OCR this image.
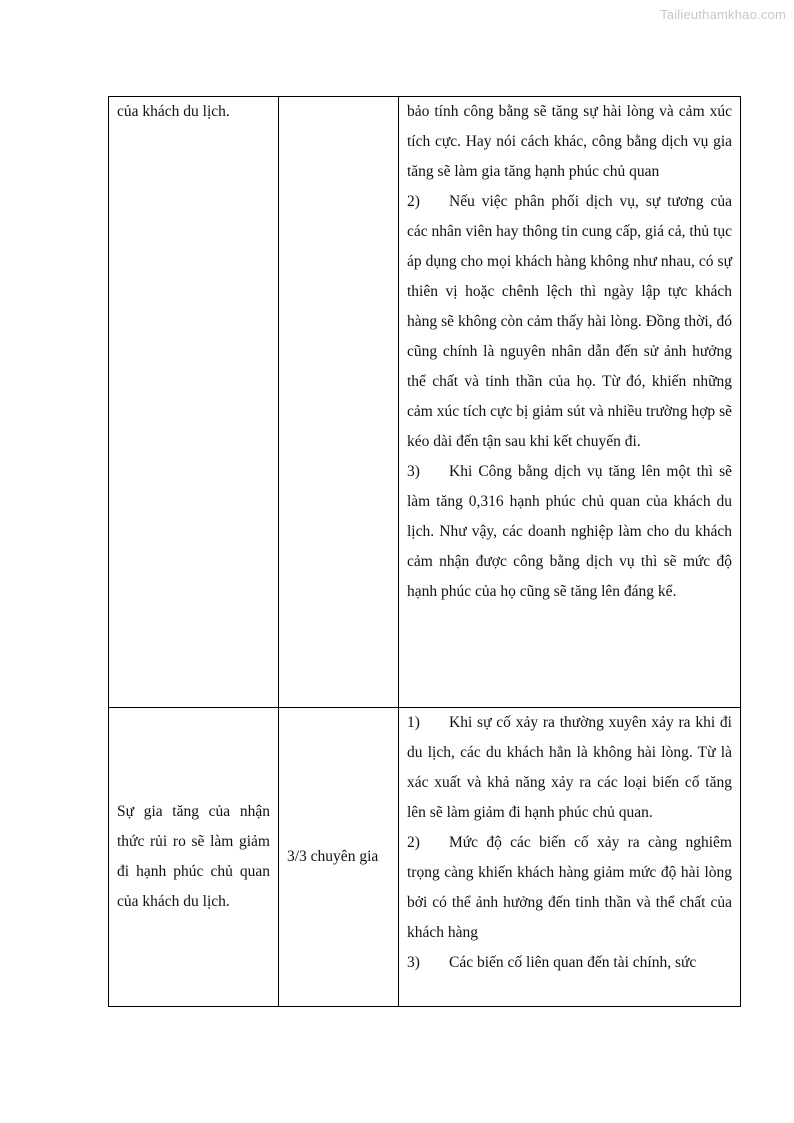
Tailieuthamkhao.com
của khách du lịch.		bảo tính công bằng sẽ tăng sự hài lòng và cảm xúc tích cực. Hay nói cách khác, công bằng dịch vụ gia tăng sẽ làm gia tăng hạnh phúc chủ quan
2) Nếu việc phân phối dịch vụ, sự tương của các nhân viên hay thông tin cung cấp, giá cả, thủ tục áp dụng cho mọi khách hàng không như nhau, có sự thiên vị hoặc chênh lệch thì ngày lập tực khách hàng sẽ không còn cảm thấy hài lòng. Đồng thời, đó cũng chính là nguyên nhân dẫn đến sử ảnh hưởng thể chất và tinh thần của họ. Từ đó, khiến những cảm xúc tích cực bị giảm sút và nhiều trường hợp sẽ kéo dài đến tận sau khi kết chuyến đi.
3) Khi Công bằng dịch vụ tăng lên một thì sẽ làm tăng 0,316 hạnh phúc chủ quan của khách du lịch. Như vậy, các doanh nghiệp làm cho du khách cảm nhận được công bằng dịch vụ thì sẽ mức độ hạnh phúc của họ cũng sẽ tăng lên đáng kể.

Sự gia tăng của nhận thức rủi ro sẽ làm giảm đi hạnh phúc chủ quan của khách du lịch.	3/3 chuyên gia	1) Khi sự cố xảy ra thường xuyên xảy ra khi đi du lịch, các du khách hẳn là không hài lòng. Từ là xác xuất và khả năng xảy ra các loại biến cố tăng lên sẽ làm giảm đi hạnh phúc chủ quan.
2) Mức độ các biến cố xảy ra càng nghiêm trọng càng khiến khách hàng giảm mức độ hài lòng bởi có thể ảnh hưởng đến tinh thần và thể chất của khách hàng
3) Các biến cố liên quan đến tài chính, sức
